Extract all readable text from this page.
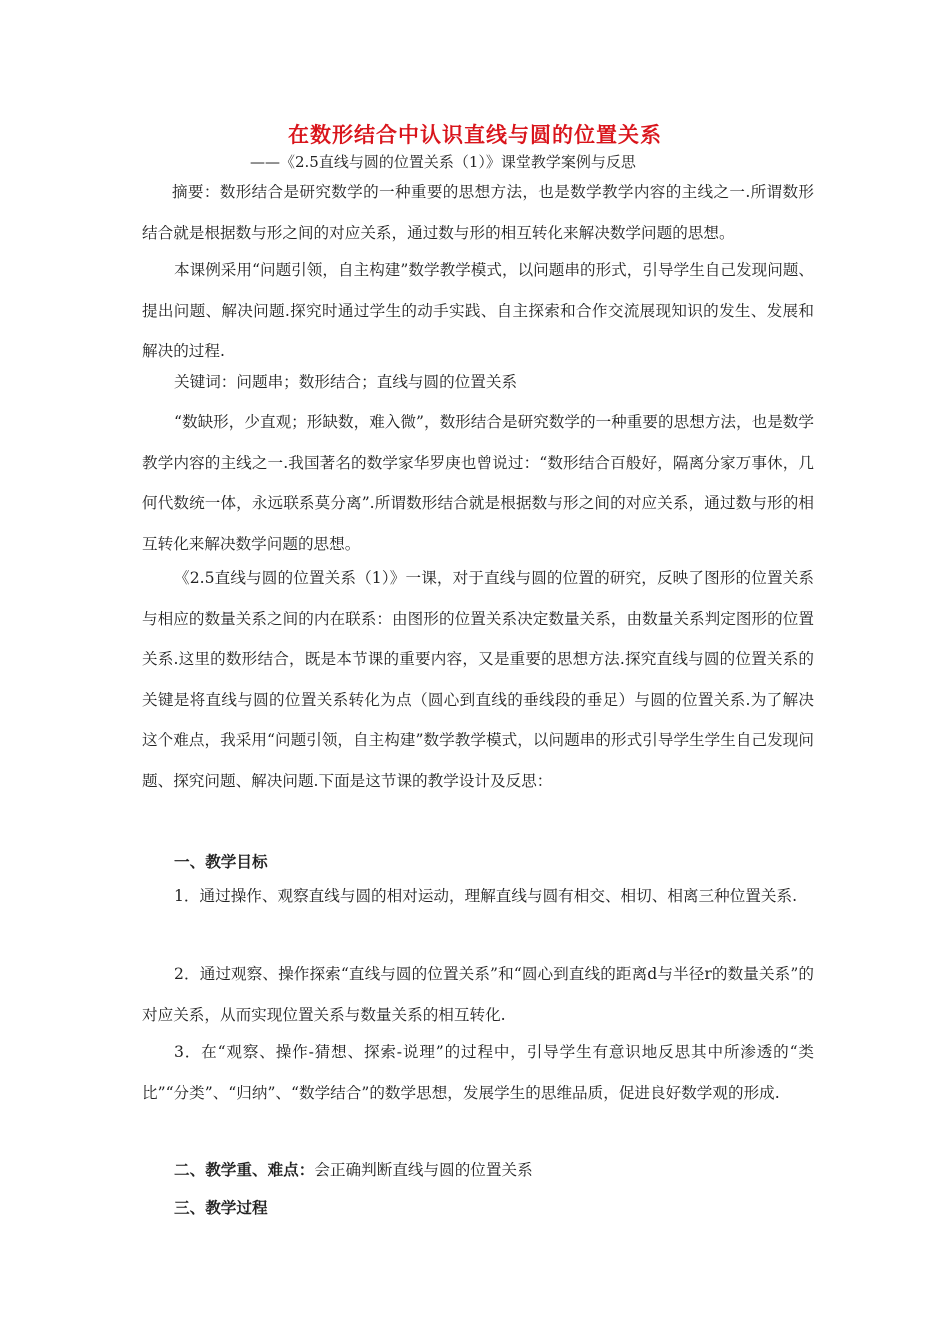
在数形结合中认识直线与圆的位置关系
——《2.5直线与圆的位置关系（1）》课堂教学案例与反思
摘要：数形结合是研究数学的一种重要的思想方法，也是数学教学内容的主线之一.所谓数形结合就是根据数与形之间的对应关系，通过数与形的相互转化来解决数学问题的思想。
本课例采用“问题引领，自主构建”数学教学模式，以问题串的形式，引导学生自己发现问题、提出问题、解决问题.探究时通过学生的动手实践、自主探索和合作交流展现知识的发生、发展和解决的过程.
关键词：问题串；数形结合；直线与圆的位置关系
“数缺形，少直观；形缺数，难入微”，数形结合是研究数学的一种重要的思想方法，也是数学教学内容的主线之一.我国著名的数学家华罗庚也曾说过：“数形结合百般好，隔离分家万事休，几何代数统一体，永远联系莫分离”.所谓数形结合就是根据数与形之间的对应关系，通过数与形的相互转化来解决数学问题的思想。
《2.5直线与圆的位置关系（1）》一课，对于直线与圆的位置的研究，反映了图形的位置关系与相应的数量关系之间的内在联系：由图形的位置关系决定数量关系，由数量关系判定图形的位置关系.这里的数形结合，既是本节课的重要内容，又是重要的思想方法.探究直线与圆的位置关系的关键是将直线与圆的位置关系转化为点（圆心到直线的垂线段的垂足）与圆的位置关系.为了解决这个难点，我采用“问题引领，自主构建”数学教学模式，以问题串的形式引导学生学生自己发现问题、探究问题、解决问题.下面是这节课的教学设计及反思：
一、教学目标
1．通过操作、观察直线与圆的相对运动，理解直线与圆有相交、相切、相离三种位置关系.
2．通过观察、操作探索“直线与圆的位置关系”和“圆心到直线的距离d与半径r的数量关系”的对应关系，从而实现位置关系与数量关系的相互转化.
3．在“观察、操作-猜想、探索-说理”的过程中，引导学生有意识地反思其中所渗透的“类比”“分类”、“归纳”、“数学结合”的数学思想，发展学生的思维品质，促进良好数学观的形成.
二、教学重、难点：会正确判断直线与圆的位置关系
三、教学过程
